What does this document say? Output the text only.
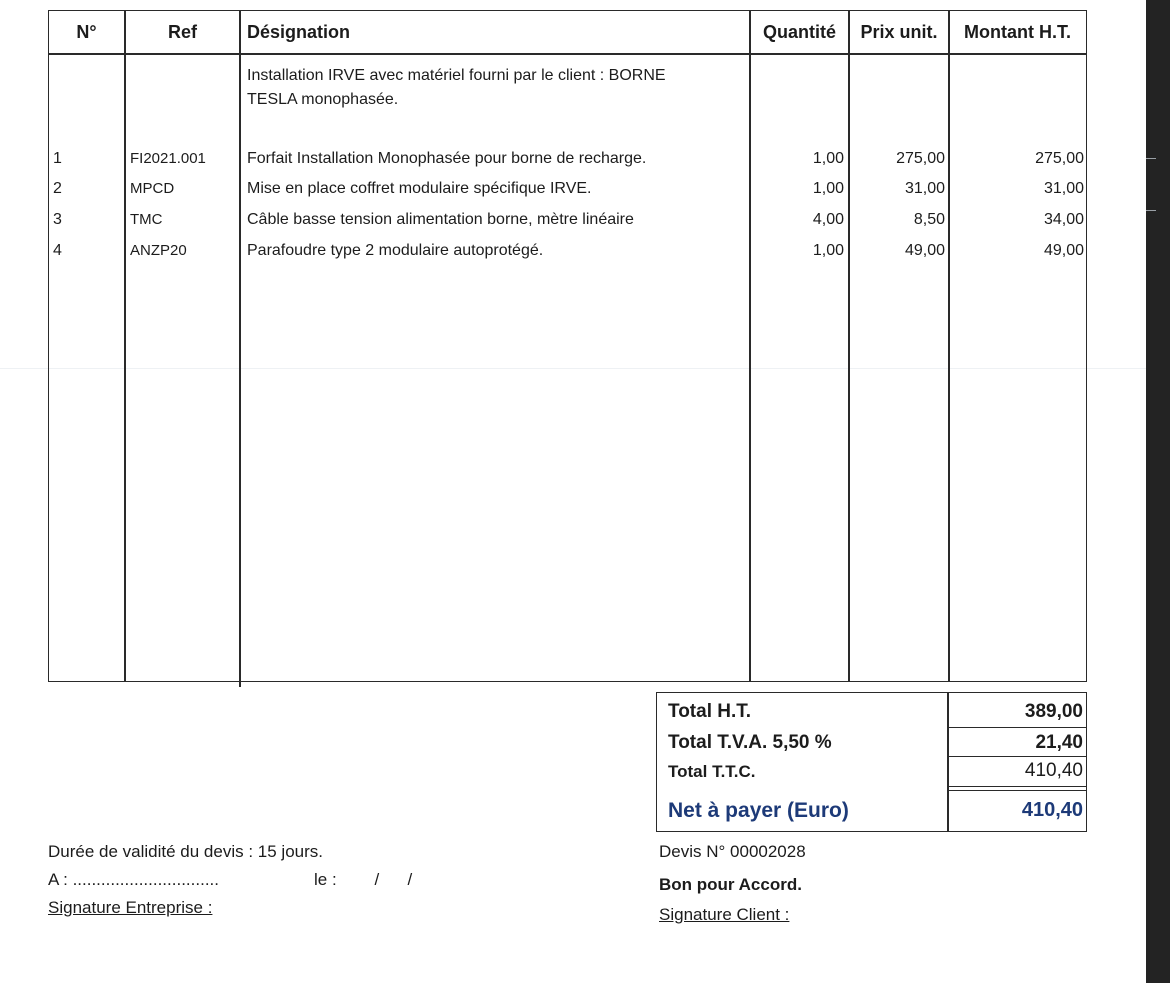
N°	Ref	Désignation	Quantité	Prix unit.	Montant H.T.
Installation IRVE avec matériel fourni par le client : BORNE
TESLA monophasée.
1	FI2021.001	Forfait Installation Monophasée pour borne de recharge.	1,00	275,00	275,00
2	MPCD	Mise en place coffret modulaire spécifique IRVE.	1,00	31,00	31,00
3	TMC	Câble basse tension alimentation borne, mètre linéaire	4,00	8,50	34,00
4	ANZP20	Parafoudre type 2 modulaire autoprotégé.	1,00	49,00	49,00
Total H.T.	389,00
Total T.V.A. 5,50 %	21,40
Total T.T.C.	410,40
Net à payer (Euro)	410,40
Durée de validité du devis : 15 jours.
A : ...............................	le :        /      /
Signature Entreprise :
Devis N° 00002028
Bon pour Accord.
Signature Client :
